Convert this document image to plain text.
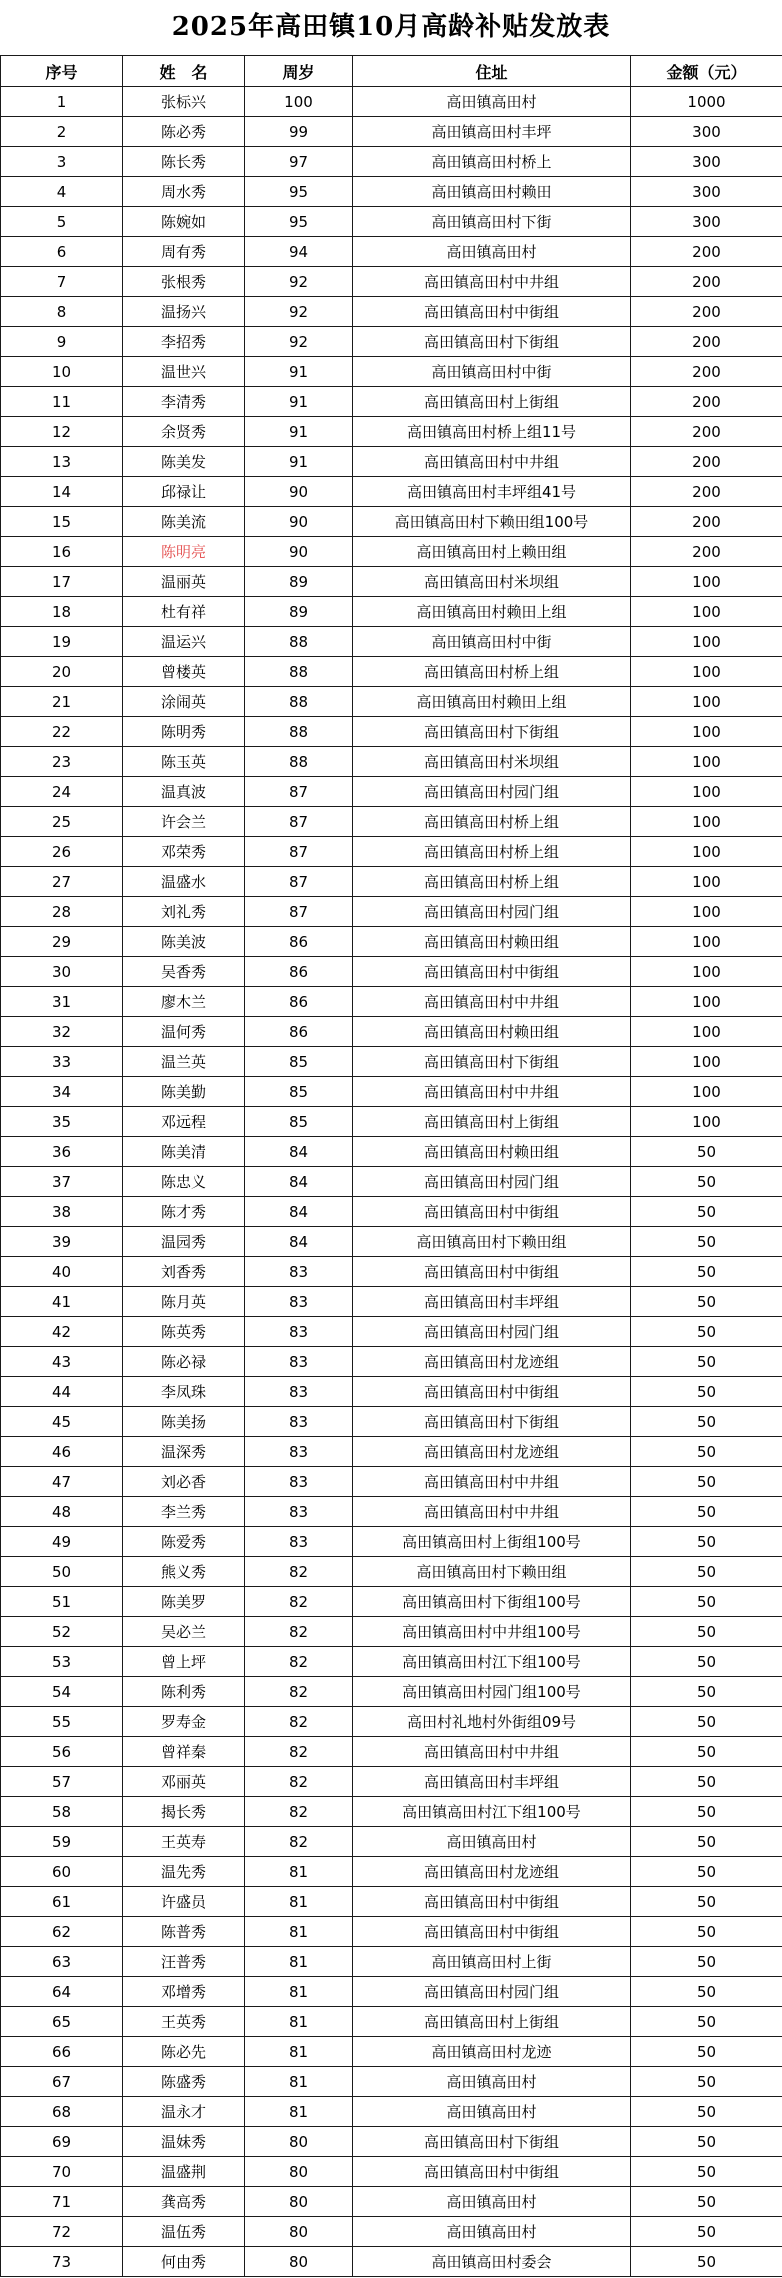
2025年高田镇10月高龄补贴发放表
序号	姓　名	周岁	住址	金额（元）
1	张标兴	100	高田镇高田村	1000
2	陈必秀	99	高田镇高田村丰坪	300
3	陈长秀	97	高田镇高田村桥上	300
4	周水秀	95	高田镇高田村赖田	300
5	陈婉如	95	高田镇高田村下街	300
6	周有秀	94	高田镇高田村	200
7	张根秀	92	高田镇高田村中井组	200
8	温扬兴	92	高田镇高田村中街组	200
9	李招秀	92	高田镇高田村下街组	200
10	温世兴	91	高田镇高田村中街	200
11	李清秀	91	高田镇高田村上街组	200
12	余贤秀	91	高田镇高田村桥上组11号	200
13	陈美发	91	高田镇高田村中井组	200
14	邱禄让	90	高田镇高田村丰坪组41号	200
15	陈美流	90	高田镇高田村下赖田组100号	200
16	陈明亮	90	高田镇高田村上赖田组	200
17	温丽英	89	高田镇高田村米坝组	100
18	杜有祥	89	高田镇高田村赖田上组	100
19	温运兴	88	高田镇高田村中街	100
20	曾楼英	88	高田镇高田村桥上组	100
21	涂闹英	88	高田镇高田村赖田上组	100
22	陈明秀	88	高田镇高田村下街组	100
23	陈玉英	88	高田镇高田村米坝组	100
24	温真波	87	高田镇高田村园门组	100
25	许会兰	87	高田镇高田村桥上组	100
26	邓荣秀	87	高田镇高田村桥上组	100
27	温盛水	87	高田镇高田村桥上组	100
28	刘礼秀	87	高田镇高田村园门组	100
29	陈美波	86	高田镇高田村赖田组	100
30	吴香秀	86	高田镇高田村中街组	100
31	廖木兰	86	高田镇高田村中井组	100
32	温何秀	86	高田镇高田村赖田组	100
33	温兰英	85	高田镇高田村下街组	100
34	陈美勤	85	高田镇高田村中井组	100
35	邓远程	85	高田镇高田村上街组	100
36	陈美清	84	高田镇高田村赖田组	50
37	陈忠义	84	高田镇高田村园门组	50
38	陈才秀	84	高田镇高田村中街组	50
39	温园秀	84	高田镇高田村下赖田组	50
40	刘香秀	83	高田镇高田村中街组	50
41	陈月英	83	高田镇高田村丰坪组	50
42	陈英秀	83	高田镇高田村园门组	50
43	陈必禄	83	高田镇高田村龙迹组	50
44	李凤珠	83	高田镇高田村中街组	50
45	陈美扬	83	高田镇高田村下街组	50
46	温深秀	83	高田镇高田村龙迹组	50
47	刘必香	83	高田镇高田村中井组	50
48	李兰秀	83	高田镇高田村中井组	50
49	陈爱秀	83	高田镇高田村上街组100号	50
50	熊义秀	82	高田镇高田村下赖田组	50
51	陈美罗	82	高田镇高田村下街组100号	50
52	吴必兰	82	高田镇高田村中井组100号	50
53	曾上坪	82	高田镇高田村江下组100号	50
54	陈利秀	82	高田镇高田村园门组100号	50
55	罗寿金	82	高田村礼地村外街组09号	50
56	曾祥秦	82	高田镇高田村中井组	50
57	邓丽英	82	高田镇高田村丰坪组	50
58	揭长秀	82	高田镇高田村江下组100号	50
59	王英寿	82	高田镇高田村	50
60	温先秀	81	高田镇高田村龙迹组	50
61	许盛员	81	高田镇高田村中街组	50
62	陈普秀	81	高田镇高田村中街组	50
63	汪普秀	81	高田镇高田村上街	50
64	邓增秀	81	高田镇高田村园门组	50
65	王英秀	81	高田镇高田村上街组	50
66	陈必先	81	高田镇高田村龙迹	50
67	陈盛秀	81	高田镇高田村	50
68	温永才	81	高田镇高田村	50
69	温妹秀	80	高田镇高田村下街组	50
70	温盛荆	80	高田镇高田村中街组	50
71	龚高秀	80	高田镇高田村	50
72	温伍秀	80	高田镇高田村	50
73	何由秀	80	高田镇高田村委会	50
